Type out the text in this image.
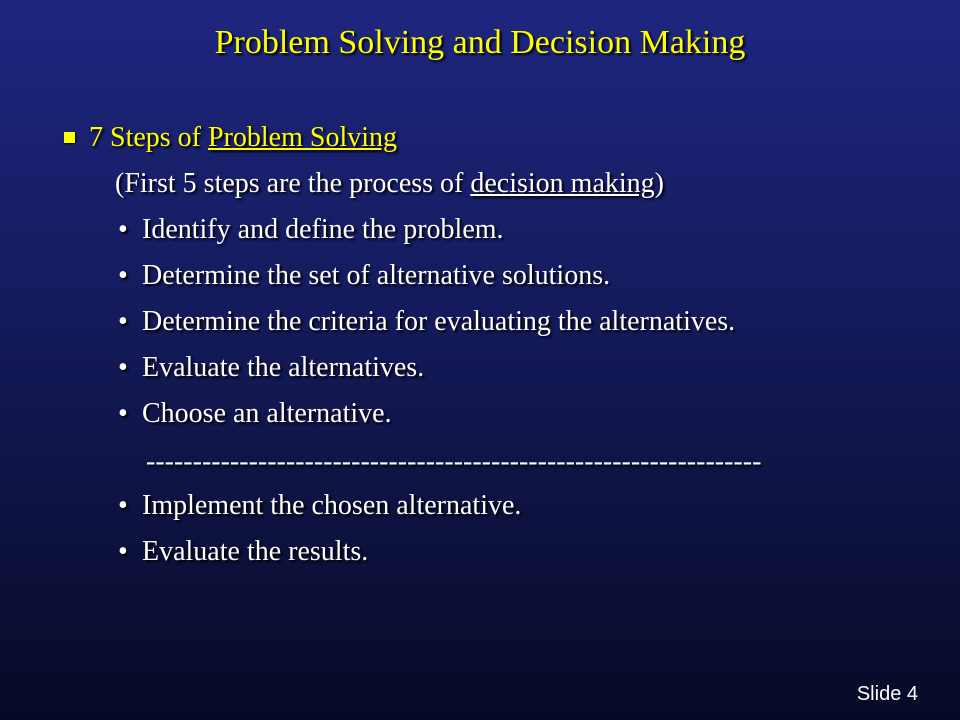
Problem Solving and Decision Making
7 Steps of Problem Solving
(First 5 steps are the process of decision making)
• Identify and define the problem.
• Determine the set of alternative solutions.
• Determine the criteria for evaluating the alternatives.
• Evaluate the alternatives.
• Choose an alternative.
------------------------------------------------------------------
• Implement the chosen alternative.
• Evaluate the results.
Slide 4
